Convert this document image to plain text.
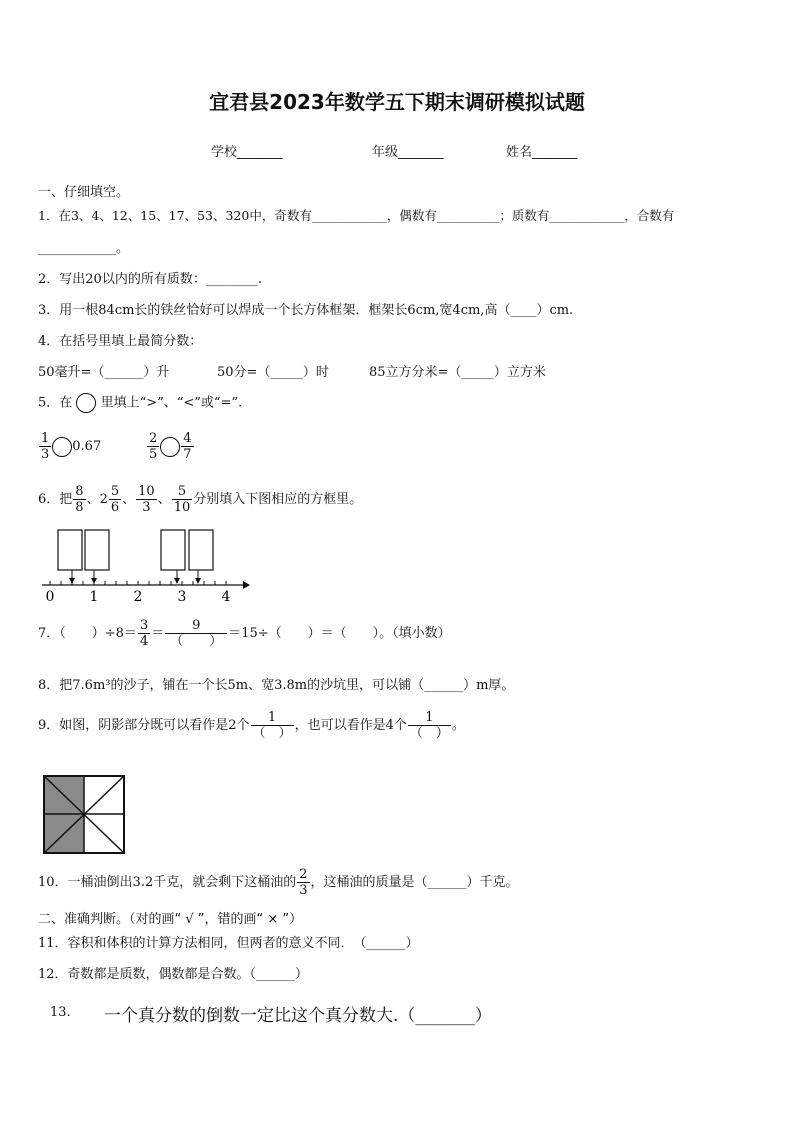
宜君县2023年数学五下期末调研模拟试题
学校_______	年级_______	姓名_______
一、仔细填空。
1．在3、4、12、15、17、53、320中，奇数有____________，偶数有__________；质数有____________，合数有
____________。
2．写出20以内的所有质数：________.
3．用一根84cm长的铁丝恰好可以焊成一个长方体框架．框架长6cm,宽4cm,高（____）cm.
4．在括号里填上最简分数：
50毫升=（______）升	50分=（_____）时	85立方分米=（_____）立方米
5．在 里填上“>”、“<”或“=”.
$\frac{1}{3} 0.67$	$\frac{2}{5} \frac{4}{7}$
6．把 $\frac{8}{8}$ 、$2 \frac{5}{6}$ 、 $\frac{10}{3}$ 、 $\frac{5}{10}$ 分别填入下图相应的方框里。
0	1	2	3	4
7．（　　）$\div 8= \frac{3}{4} = \frac{9}{( )} =15\div$（　　）＝（　　）。（填小数）
8．把7.6m³的沙子，铺在一个长5m、宽3.8m的沙坑里，可以铺（______）m厚。
9．如图，阴影部分既可以看作是2个 $\frac{1}{( )}$ ，也可以看作是4个 $\frac{1}{( )}$ 。
10．一桶油倒出3.2千克，就会剩下这桶油的 $\frac{2}{3}$ ，这桶油的质量是（______）千克。
二、准确判断。（对的画“ √ ”，错的画“ × ”）
11．容积和体积的计算方法相同，但两者的意义不同．　（______）
12．奇数都是质数，偶数都是合数。（______）
13. 一个真分数的倒数一定比这个真分数大.（_______）
